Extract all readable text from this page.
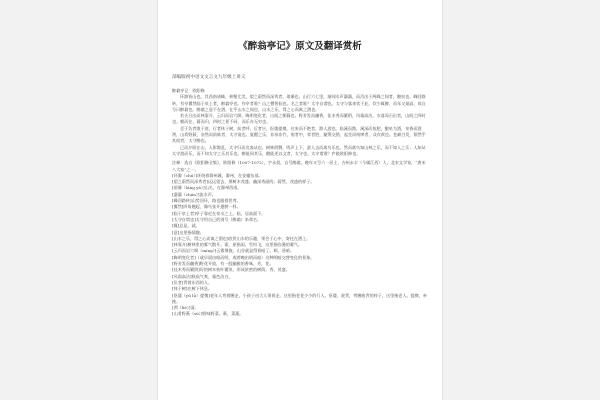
《醉翁亭记》原文及翻译赏析
部编版初中语文文言文九年级上讲义

醉翁亭记　欧阳修

环滁皆山也。其西南诸峰，林壑尤美，望之蔚然而深秀者，琅琊也。山行六七里，渐闻水声潺潺，而泻出于两峰之间者，酿泉也。峰回路转，有亭翼然临于泉上者，醉翁亭也。作亭者谁？山之僧智仙也。名之者谁？太守自谓也。太守与客来饮于此，饮少辄醉，而年又最高，故自号曰醉翁也。醉翁之意不在酒，在乎山水之间也。山水之乐，得之心而寓之酒也。

若夫日出而林霏开，云归而岩穴暝，晦明变化者，山间之朝暮也。野芳发而幽香，佳木秀而繁阴，风霜高洁，水落而石出者，山间之四时也。朝而往，暮而归，四时之景不同，而乐亦无穷也。

至于负者歌于途，行者休于树，前者呼，后者应，伛偻提携，往来而不绝者，滁人游也。临溪而渔，溪深而鱼肥，酿泉为酒，泉香而酒洌，山肴野蔌，杂然而前陈者，太守宴也。宴酣之乐，非丝非竹，射者中，弈者胜，觥筹交错，起坐而喧哗者，众宾欢也。苍颜白发，颓然乎其间者，太守醉也。

已而夕阳在山，人影散乱，太守归而宾客从也。树林阴翳，鸣声上下，游人去而禽鸟乐也。然而禽鸟知山林之乐，而不知人之乐；人知从太守游而乐，而不知太守之乐其乐也。醉能同其乐，醒能述以文者，太守也。太守谓谁？庐陵欧阳修也。

注释：选自《欧阳修全集》。欧阳修（1007-1072），字永叔，自号醉翁，晚年又号六一居士，吉州永丰（今属江西）人，北宋文学家，“唐宋八大家”之一。

[环滁（chú）]环绕着滁州城。滁州，在安徽东部。

[望之蔚然而深秀者]远远望去，那树木茂盛、幽深秀丽的。蔚然，茂盛的样子。

[琅琊（láng yá）]山名，在滁州西南。

[潺潺（chán）]流水声。

[峰回路转]山势回环，路也跟着拐弯。

[翼然]四角翘起，像鸟张开翅膀一样。

[临于泉上者]亭子靠近在泉水之上。临，居高面下。

[太守自谓也]太守用自己的别号（醉翁）来命名。

[辄]总是，就。

[意]这里指情趣。

[山水之乐，得之心而寓之酒也]欣赏山水的乐趣，领会于心中，寄托在酒上。

[林霏开]树林里的雾气散开。霏，原指雨、雪纷飞，这里指弥漫的雾气。

[云归而岩穴暝（míng）]云雾聚拢，山谷就显得昏暗了。暝，昏暗。

[晦明变化者]（或早晨由暗而明，或傍晚由明而暗）这种明暗交替变化的景象。

[野芳发而幽香]野花开放，有一股幽雅的香味。芳，花。

[佳木秀而繁阴]好的树木枝叶繁茂，形成浓密的树荫。秀，茂盛。

[风霜高洁]秋高气爽，霜色洁白。

[负者]背着东西的人。

[休于树]在树下休息。

[伛偻（yǔ lǚ）提携]老年人弯着腰走，小孩子由大人领着走。这里指老老少少的行人。伛偻，驼背，弯腰曲背的样子，这里指老人。提携，牵挽。

[洌（liè）]清。

[山肴野蔌（sù）]野味野菜。蔌，菜蔬。
